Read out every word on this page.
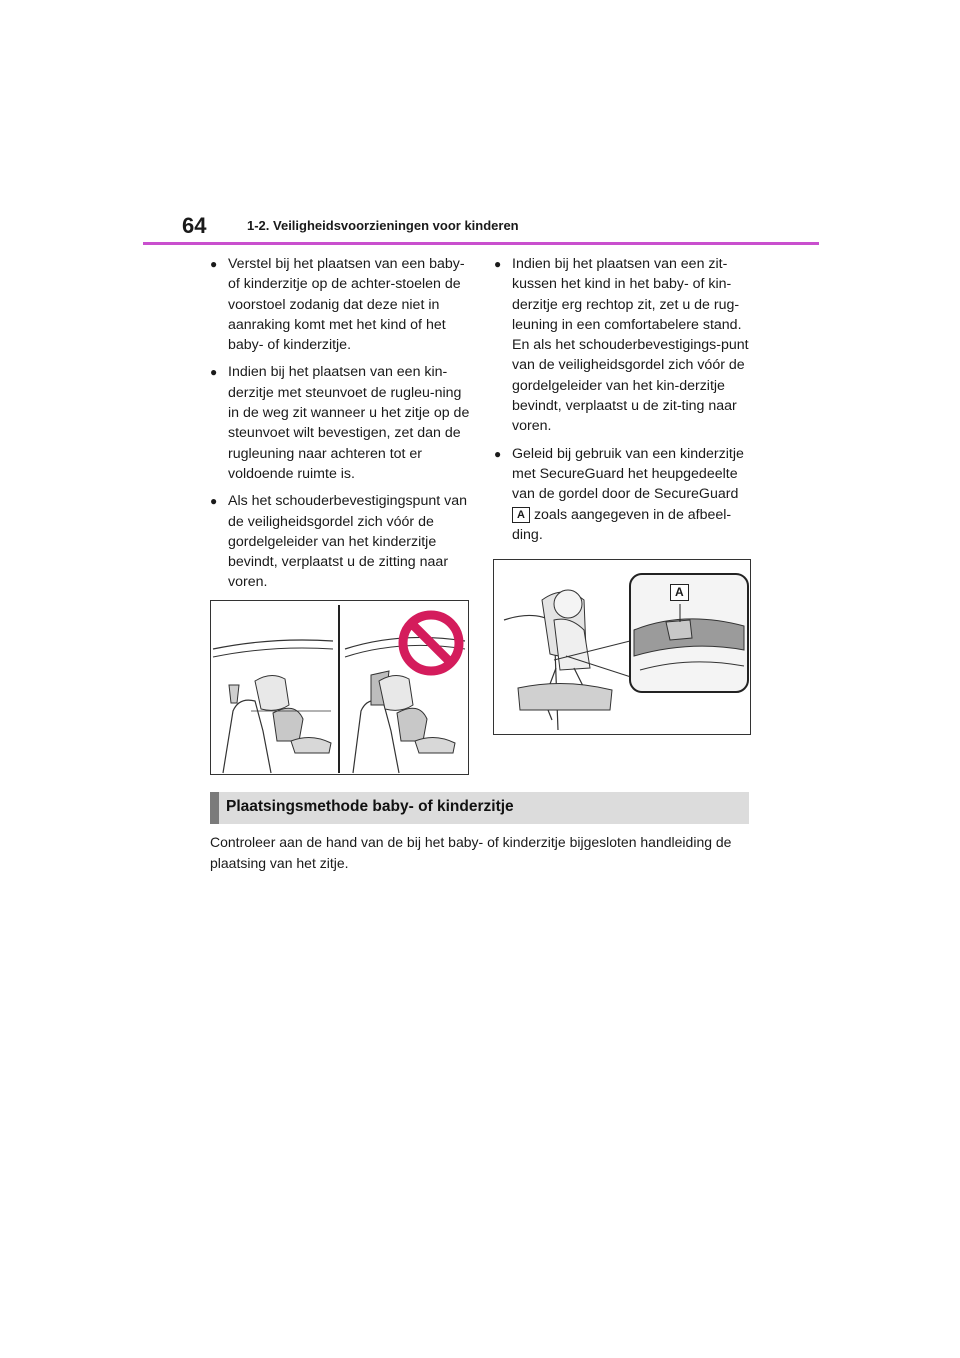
64	1-2. Veiligheidsvoorzieningen voor kinderen
● Verstel bij het plaatsen van een baby- of kinderzitje op de achter-stoelen de voorstoel zodanig dat deze niet in aanraking komt met het kind of het baby- of kinderzitje.
● Indien bij het plaatsen van een kin-derzitje met steunvoet de rugleu-ning in de weg zit wanneer u het zitje op de steunvoet wilt bevestigen, zet dan de rugleuning naar achteren tot er voldoende ruimte is.
● Als het schouderbevestigingspunt van de veiligheidsgordel zich vóór de gordelgeleider van het kinderzitje bevindt, verplaatst u de zitting naar voren.
● Indien bij het plaatsen van een zit-kussen het kind in het baby- of kin-derzitje erg rechtop zit, zet u de rug-leuning in een comfortabelere stand. En als het schouderbevestigings-punt van de veiligheidsgordel zich vóór de gordelgeleider van het kin-derzitje bevindt, verplaatst u de zit-ting naar voren.
● Geleid bij gebruik van een kinderzitje met SecureGuard het heupgedeelte van de gordel door de SecureGuard
A zoals aangegeven in de afbeel-ding.
A
Plaatsingsmethode baby- of kinderzitje
Controleer aan de hand van de bij het baby- of kinderzitje bijgesloten handleiding de plaatsing van het zitje.
